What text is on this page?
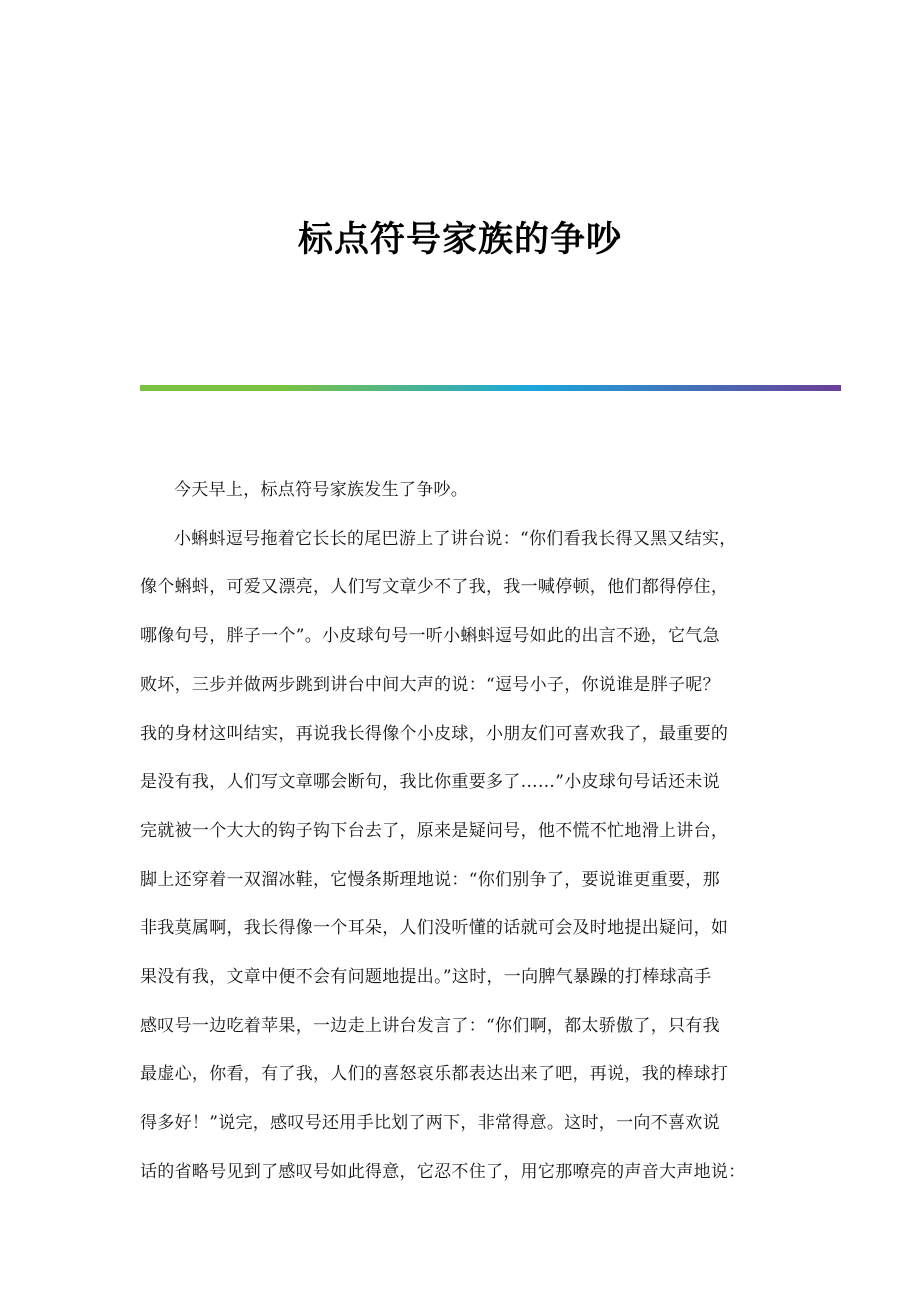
标点符号家族的争吵

今天早上，标点符号家族发生了争吵。

小蝌蚪逗号拖着它长长的尾巴游上了讲台说：“你们看我长得又黑又结实，
像个蝌蚪，可爱又漂亮，人们写文章少不了我，我一喊停顿，他们都得停住，
哪像句号，胖子一个”。小皮球句号一听小蝌蚪逗号如此的出言不逊，它气急
败坏，三步并做两步跳到讲台中间大声的说：“逗号小子，你说谁是胖子呢？
我的身材这叫结实，再说我长得像个小皮球，小朋友们可喜欢我了，最重要的
是没有我，人们写文章哪会断句，我比你重要多了……”小皮球句号话还未说
完就被一个大大的钩子钩下台去了，原来是疑问号，他不慌不忙地滑上讲台，
脚上还穿着一双溜冰鞋，它慢条斯理地说：“你们别争了，要说谁更重要，那
非我莫属啊，我长得像一个耳朵，人们没听懂的话就可会及时地提出疑问，如
果没有我，文章中便不会有问题地提出。”这时，一向脾气暴躁的打棒球高手
感叹号一边吃着苹果，一边走上讲台发言了：“你们啊，都太骄傲了，只有我
最虚心，你看，有了我，人们的喜怒哀乐都表达出来了吧，再说，我的棒球打
得多好！”说完，感叹号还用手比划了两下，非常得意。这时，一向不喜欢说
话的省略号见到了感叹号如此得意，它忍不住了，用它那嘹亮的声音大声地说：
